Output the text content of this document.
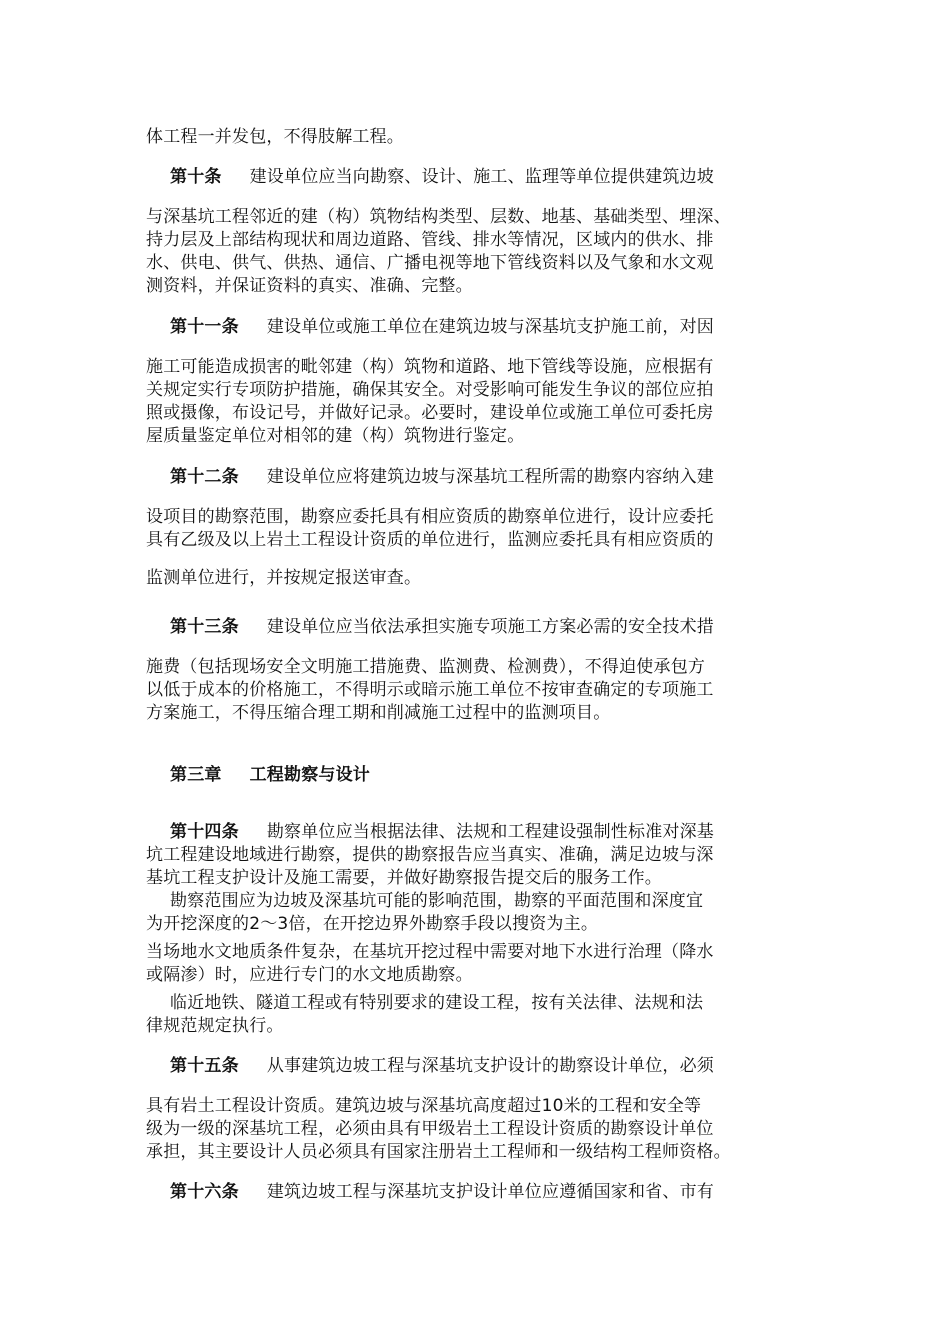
体工程一并发包，不得肢解工程。
第十条 建设单位应当向勘察、设计、施工、监理等单位提供建筑边坡
与深基坑工程邻近的建（构）筑物结构类型、层数、地基、基础类型、埋深、
持力层及上部结构现状和周边道路、管线、排水等情况，区域内的供水、排
水、供电、供气、供热、通信、广播电视等地下管线资料以及气象和水文观
测资料，并保证资料的真实、准确、完整。
第十一条 建设单位或施工单位在建筑边坡与深基坑支护施工前，对因
施工可能造成损害的毗邻建（构）筑物和道路、地下管线等设施，应根据有
关规定实行专项防护措施，确保其安全。对受影响可能发生争议的部位应拍
照或摄像，布设记号，并做好记录。必要时，建设单位或施工单位可委托房
屋质量鉴定单位对相邻的建（构）筑物进行鉴定。
第十二条 建设单位应将建筑边坡与深基坑工程所需的勘察内容纳入建
设项目的勘察范围，勘察应委托具有相应资质的勘察单位进行，设计应委托
具有乙级及以上岩土工程设计资质的单位进行，监测应委托具有相应资质的
监测单位进行，并按规定报送审查。
第十三条 建设单位应当依法承担实施专项施工方案必需的安全技术措
施费（包括现场安全文明施工措施费、监测费、检测费），不得迫使承包方
以低于成本的价格施工，不得明示或暗示施工单位不按审查确定的专项施工
方案施工，不得压缩合理工期和削减施工过程中的监测项目。
第三章 工程勘察与设计
第十四条 勘察单位应当根据法律、法规和工程建设强制性标准对深基
坑工程建设地域进行勘察，提供的勘察报告应当真实、准确，满足边坡与深
基坑工程支护设计及施工需要，并做好勘察报告提交后的服务工作。
勘察范围应为边坡及深基坑可能的影响范围，勘察的平面范围和深度宜
为开挖深度的2～3倍，在开挖边界外勘察手段以搜资为主。
当场地水文地质条件复杂，在基坑开挖过程中需要对地下水进行治理（降水
或隔渗）时，应进行专门的水文地质勘察。
临近地铁、隧道工程或有特别要求的建设工程，按有关法律、法规和法
律规范规定执行。
第十五条 从事建筑边坡工程与深基坑支护设计的勘察设计单位，必须
具有岩土工程设计资质。建筑边坡与深基坑高度超过10米的工程和安全等
级为一级的深基坑工程，必须由具有甲级岩土工程设计资质的勘察设计单位
承担，其主要设计人员必须具有国家注册岩土工程师和一级结构工程师资格。
第十六条 建筑边坡工程与深基坑支护设计单位应遵循国家和省、市有
